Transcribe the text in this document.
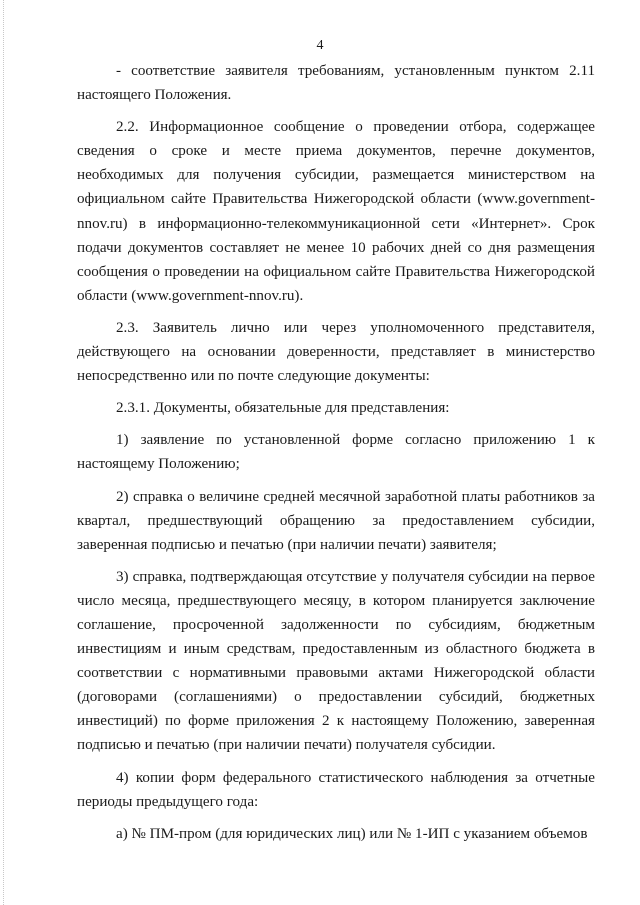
4

- соответствие заявителя требованиям, установленным пунктом 2.11 настоящего Положения.

2.2. Информационное сообщение о проведении отбора, содержащее сведения о сроке и месте приема документов, перечне документов, необходимых для получения субсидии, размещается министерством на официальном сайте Правительства Нижегородской области (www.government-nnov.ru) в информационно-телекоммуникационной сети «Интернет». Срок подачи документов составляет не менее 10 рабочих дней со дня размещения сообщения о проведении на официальном сайте Правительства Нижегородской области (www.government-nnov.ru).

2.3. Заявитель лично или через уполномоченного представителя, действующего на основании доверенности, представляет в министерство непосредственно или по почте следующие документы:

2.3.1. Документы, обязательные для представления:

1) заявление по установленной форме согласно приложению 1 к настоящему Положению;

2) справка о величине средней месячной заработной платы работников за квартал, предшествующий обращению за предоставлением субсидии, заверенная подписью и печатью (при наличии печати) заявителя;

3) справка, подтверждающая отсутствие у получателя субсидии на первое число месяца, предшествующего месяцу, в котором планируется заключение соглашение, просроченной задолженности по субсидиям, бюджетным инвестициям и иным средствам, предоставленным из областного бюджета в соответствии с нормативными правовыми актами Нижегородской области (договорами (соглашениями) о предоставлении субсидий, бюджетных инвестиций) по форме приложения 2 к настоящему Положению, заверенная подписью и печатью (при наличии печати) получателя субсидии.

4) копии форм федерального статистического наблюдения за отчетные периоды предыдущего года:

а) № ПМ-пром (для юридических лиц) или № 1-ИП с указанием объемов
